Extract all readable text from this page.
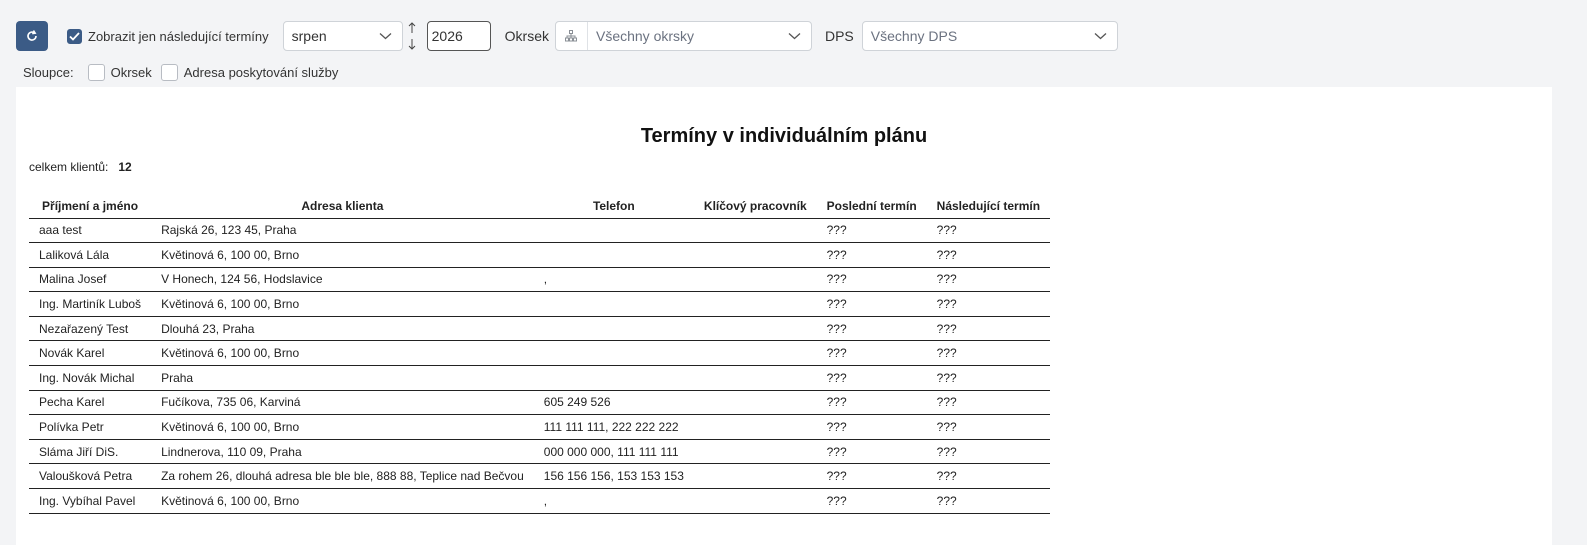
Zobrazit jen následující termíny srpen	2026	Okrsek	Všechny okrsky	DPS Všechny DPS
Sloupce:	Okrsek Adresa poskytování služby
Termíny v individuálním plánu
celkem klientů: 12
Příjmení a jméno	Adresa klienta	Telefon	Klíčový pracovník	Poslední termín	Následující termín
aaa test	Rajská 26, 123 45, Praha			???	???
Laliková Lála	Květinová 6, 100 00, Brno			???	???
Malina Josef	V Honech, 124 56, Hodslavice	,		???	???
Ing. Martiník Luboš	Květinová 6, 100 00, Brno			???	???
Nezařazený Test	Dlouhá 23, Praha			???	???
Novák Karel	Květinová 6, 100 00, Brno			???	???
Ing. Novák Michal	Praha			???	???
Pecha Karel	Fučíkova, 735 06, Karviná	605 249 526		???	???
Polívka Petr	Květinová 6, 100 00, Brno	111 111 111, 222 222 222		???	???
Sláma Jiří DiS.	Lindnerova, 110 09, Praha	000 000 000, 111 111 111		???	???
Valoušková Petra	Za rohem 26, dlouhá adresa ble ble ble, 888 88, Teplice nad Bečvou	156 156 156, 153 153 153		???	???
Ing. Vybíhal Pavel	Květinová 6, 100 00, Brno	,		???	???
